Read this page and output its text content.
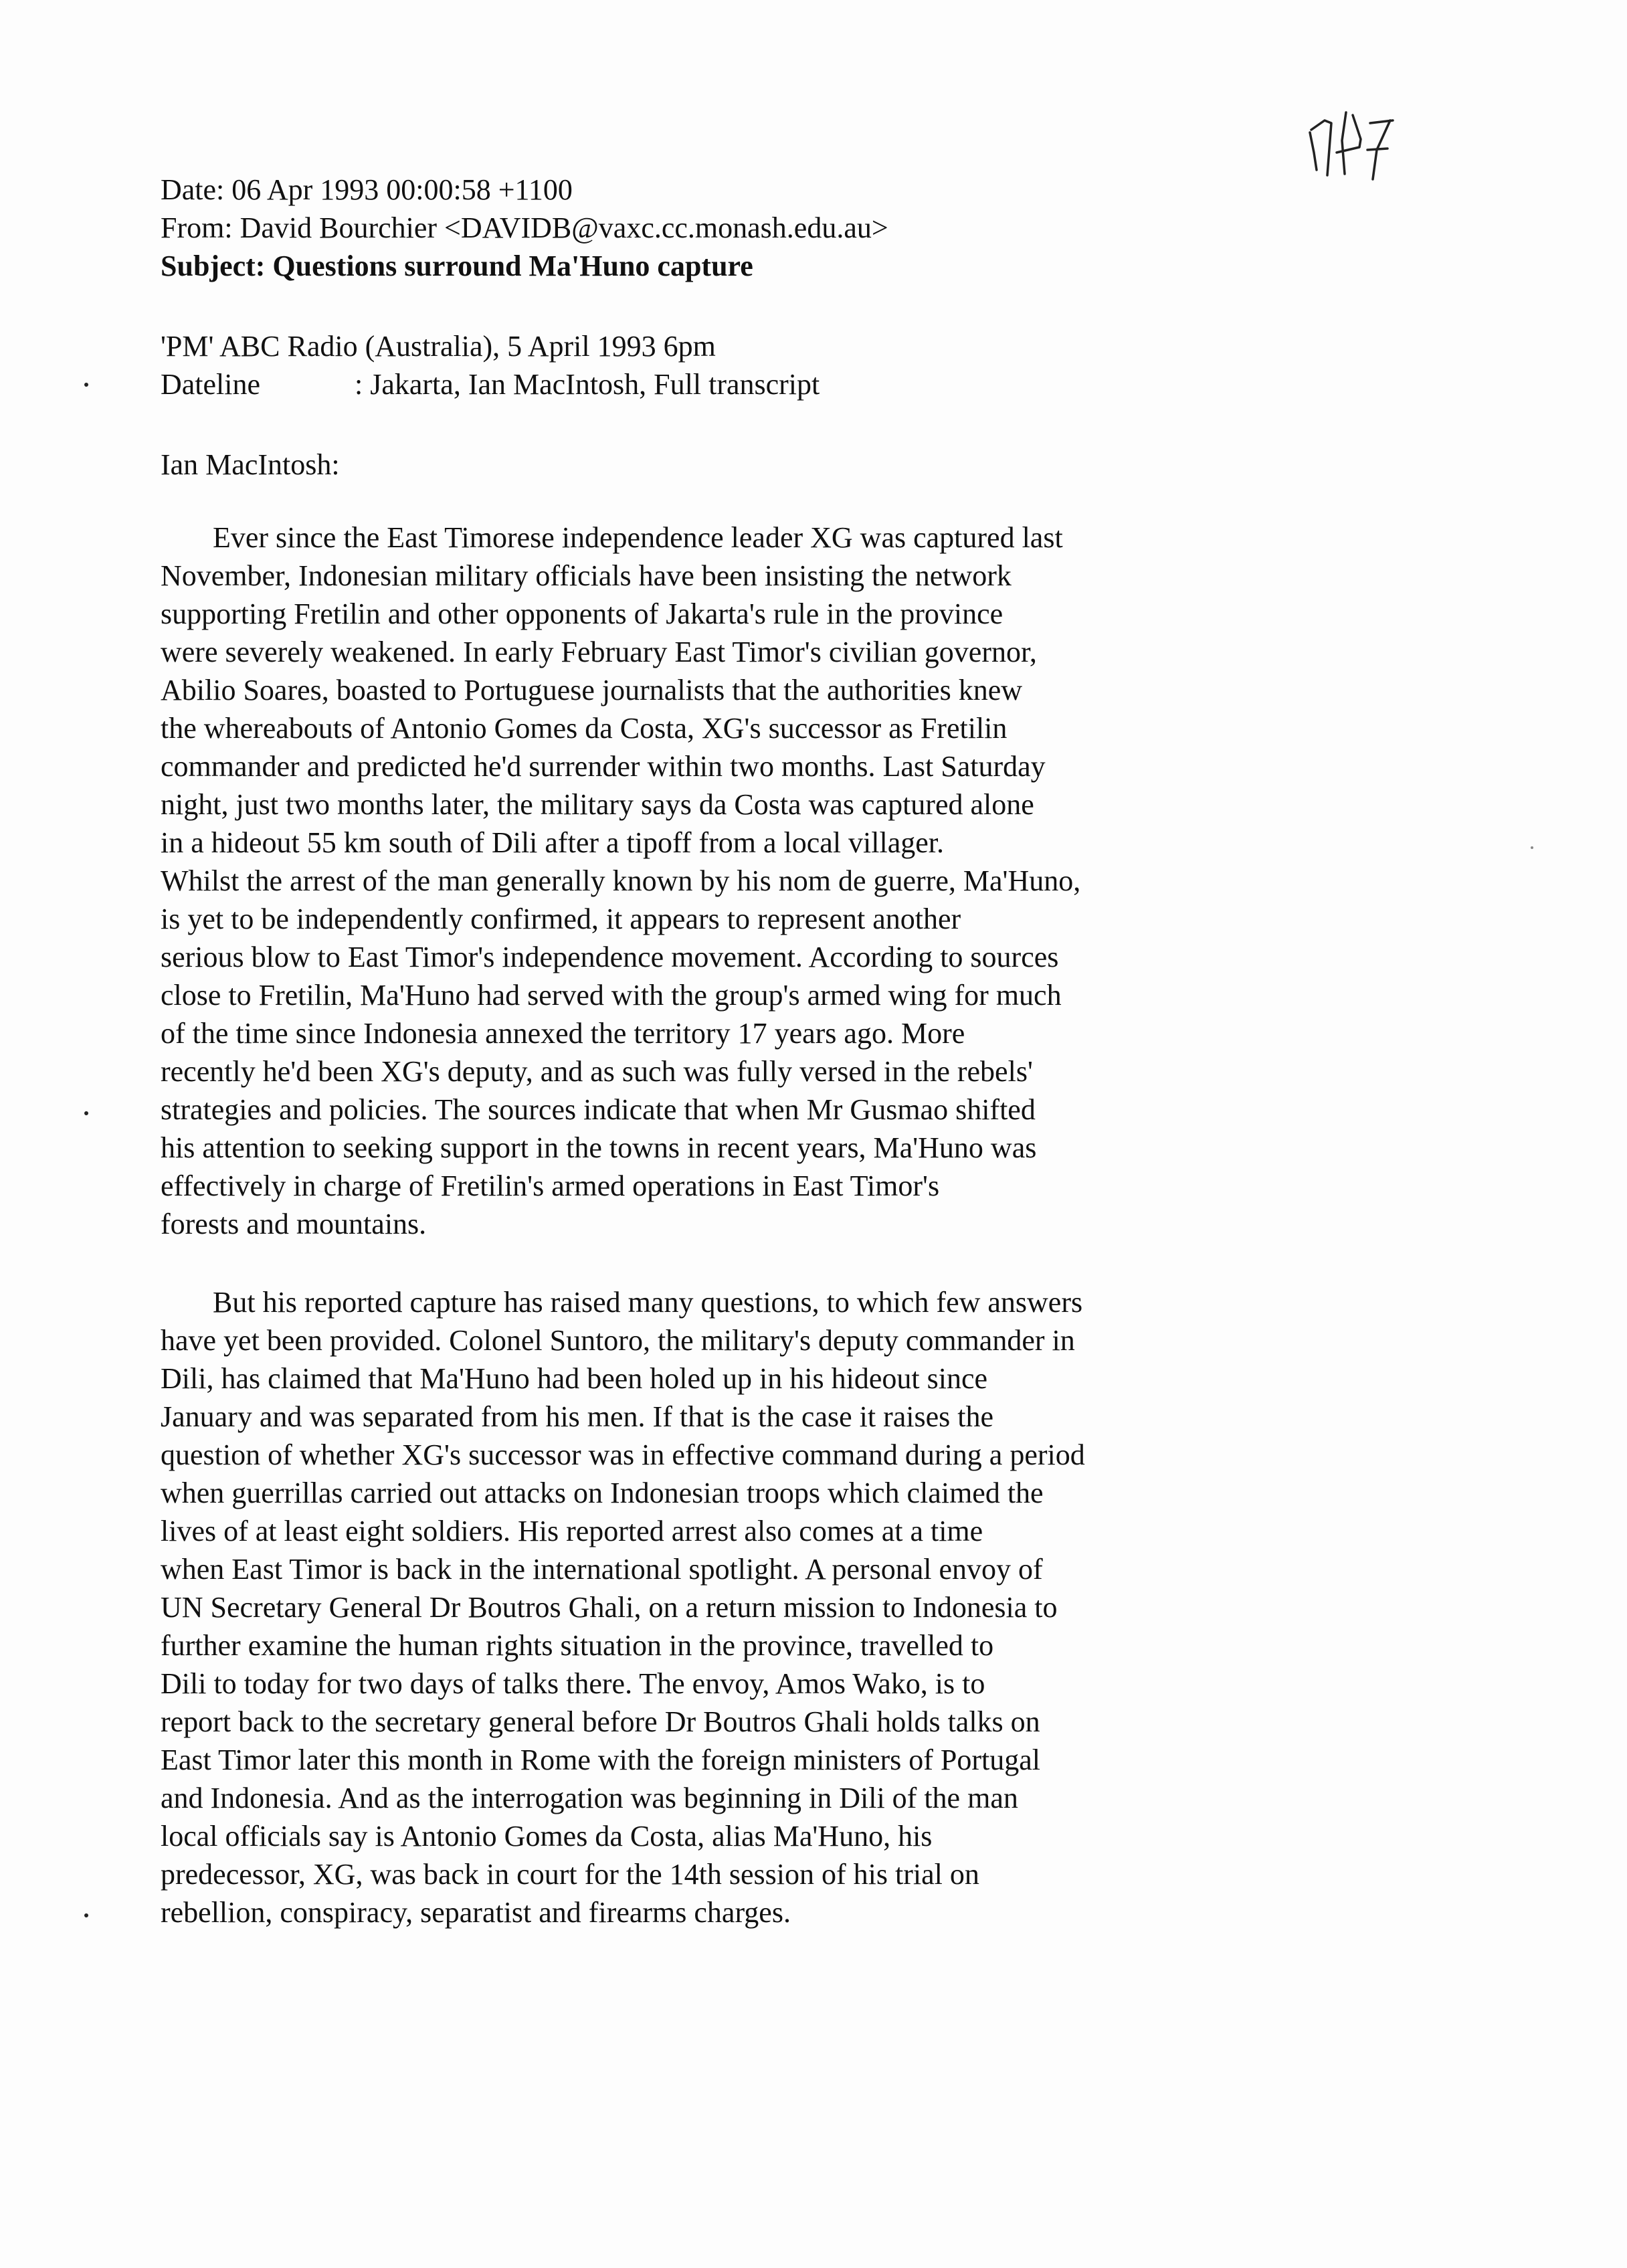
Date: 06 Apr 1993 00:00:58 +1100
From: David Bourchier <DAVIDB@vaxc.cc.monash.edu.au>
Subject: Questions surround Ma'Huno capture
'PM' ABC Radio (Australia), 5 April 1993 6pm
Dateline	: Jakarta, Ian MacIntosh, Full transcript
Ian MacIntosh:
Ever since the East Timorese independence leader XG was captured last
November, Indonesian military officials have been insisting the network
supporting Fretilin and other opponents of Jakarta's rule in the province
were severely weakened. In early February East Timor's civilian governor,
Abilio Soares, boasted to Portuguese journalists that the authorities knew
the whereabouts of Antonio Gomes da Costa, XG's successor as Fretilin
commander and predicted he'd surrender within two months. Last Saturday
night, just two months later, the military says da Costa was captured alone
in a hideout 55 km south of Dili after a tipoff from a local villager.
Whilst the arrest of the man generally known by his nom de guerre, Ma'Huno,
is yet to be independently confirmed, it appears to represent another
serious blow to East Timor's independence movement. According to sources
close to Fretilin, Ma'Huno had served with the group's armed wing for much
of the time since Indonesia annexed the territory 17 years ago. More
recently he'd been XG's deputy, and as such was fully versed in the rebels'
strategies and policies. The sources indicate that when Mr Gusmao shifted
his attention to seeking support in the towns in recent years, Ma'Huno was
effectively in charge of Fretilin's armed operations in East Timor's
forests and mountains.
But his reported capture has raised many questions, to which few answers
have yet been provided. Colonel Suntoro, the military's deputy commander in
Dili, has claimed that Ma'Huno had been holed up in his hideout since
January and was separated from his men. If that is the case it raises the
question of whether XG's successor was in effective command during a period
when guerrillas carried out attacks on Indonesian troops which claimed the
lives of at least eight soldiers. His reported arrest also comes at a time
when East Timor is back in the international spotlight. A personal envoy of
UN Secretary General Dr Boutros Ghali, on a return mission to Indonesia to
further examine the human rights situation in the province, travelled to
Dili to today for two days of talks there. The envoy, Amos Wako, is to
report back to the secretary general before Dr Boutros Ghali holds talks on
East Timor later this month in Rome with the foreign ministers of Portugal
and Indonesia. And as the interrogation was beginning in Dili of the man
local officials say is Antonio Gomes da Costa, alias Ma'Huno, his
predecessor, XG, was back in court for the 14th session of his trial on
rebellion, conspiracy, separatist and firearms charges.
